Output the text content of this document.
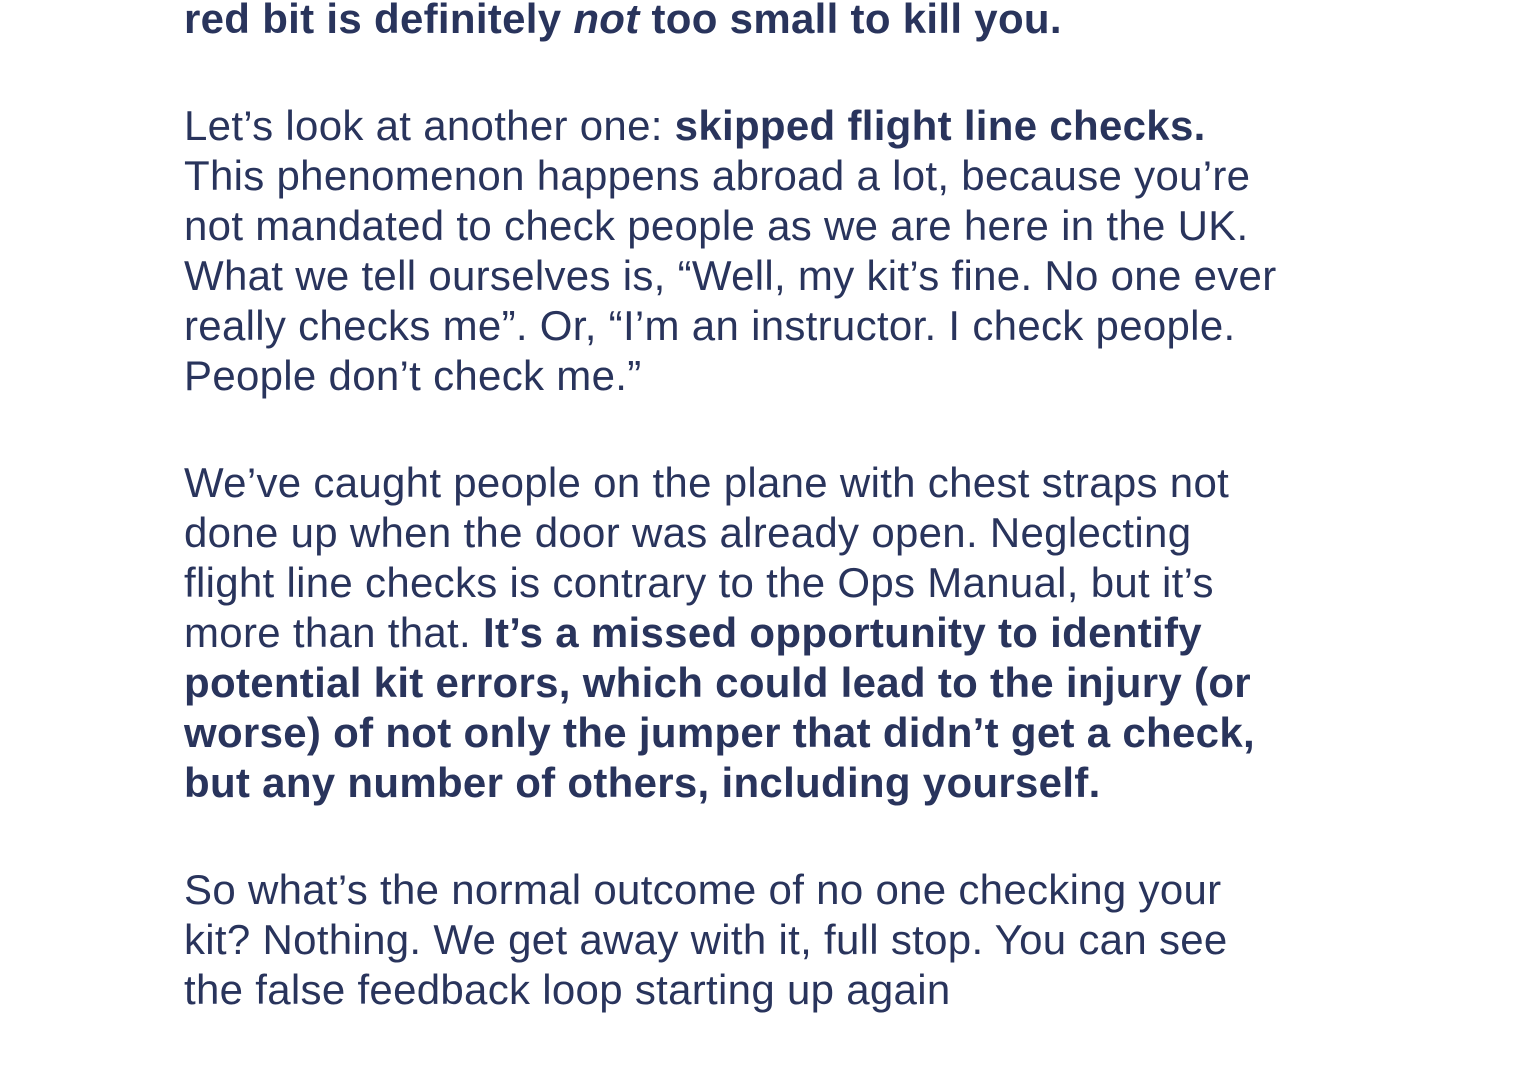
red bit is definitely not too small to kill you.

Let’s look at another one: skipped flight line checks.
This phenomenon happens abroad a lot, because you’re
not mandated to check people as we are here in the UK.
What we tell ourselves is, “Well, my kit’s fine. No one ever
really checks me”. Or, “I’m an instructor. I check people.
People don’t check me.”

We’ve caught people on the plane with chest straps not
done up when the door was already open. Neglecting
flight line checks is contrary to the Ops Manual, but it’s
more than that. It’s a missed opportunity to identify
potential kit errors, which could lead to the injury (or
worse) of not only the jumper that didn’t get a check,
but any number of others, including yourself.

So what’s the normal outcome of no one checking your
kit? Nothing. We get away with it, full stop. You can see
the false feedback loop starting up again
